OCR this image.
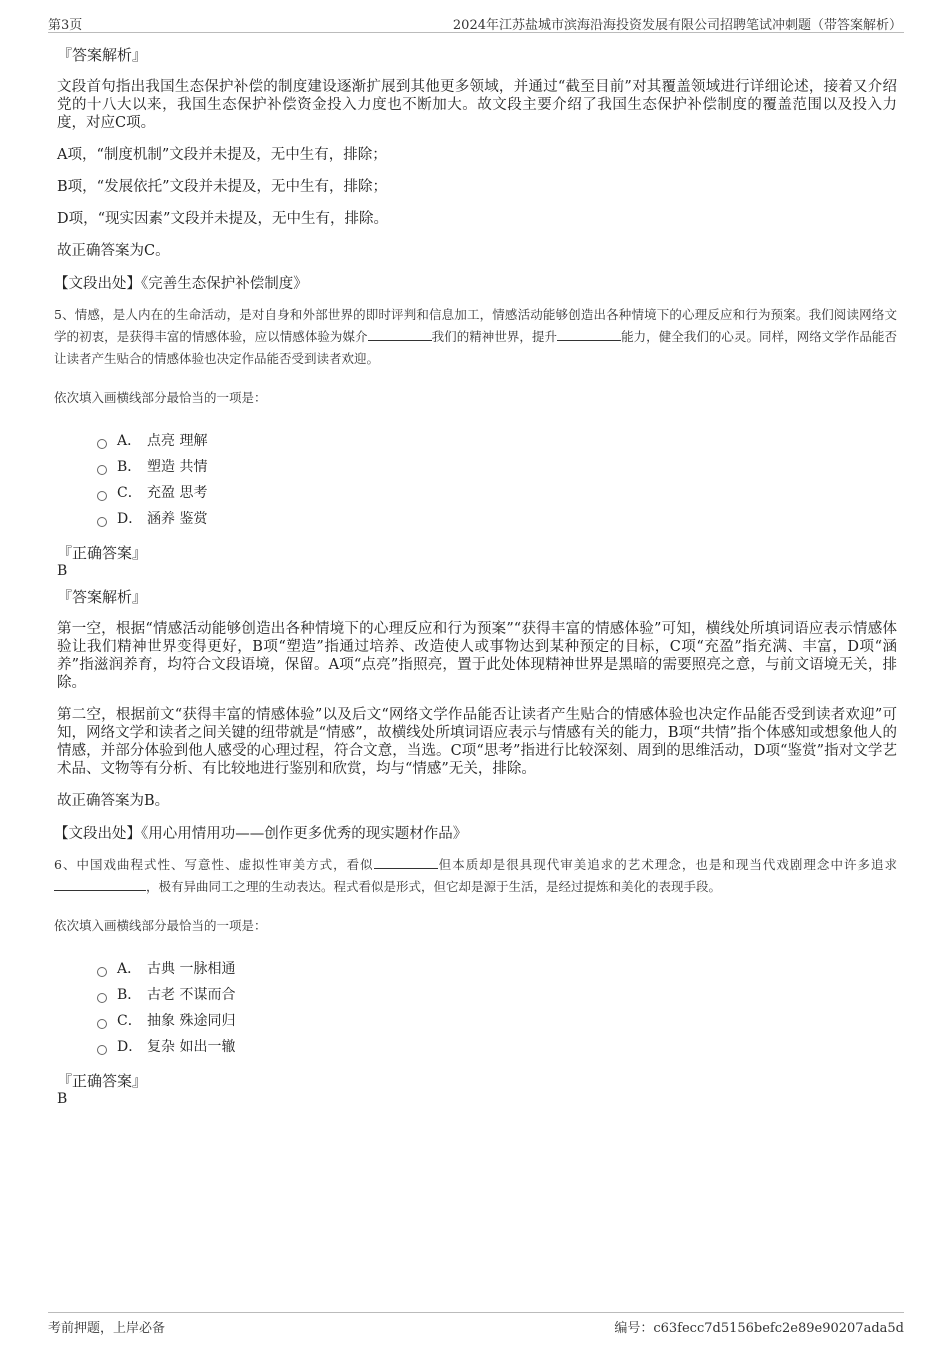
第3页	2024年江苏盐城市滨海沿海投资发展有限公司招聘笔试冲刺题（带答案解析）

『答案解析』

文段首句指出我国生态保护补偿的制度建设逐渐扩展到其他更多领域，并通过“截至目前”对其覆盖领域进行详细论述，接着又介绍党的十八大以来，我国生态保护补偿资金投入力度也不断加大。故文段主要介绍了我国生态保护补偿制度的覆盖范围以及投入力度，对应C项。

A项，“制度机制”文段并未提及，无中生有，排除；

B项，“发展依托”文段并未提及，无中生有，排除；

D项，“现实因素”文段并未提及，无中生有，排除。

故正确答案为C。

【文段出处】《完善生态保护补偿制度》

5、情感，是人内在的生命活动，是对自身和外部世界的即时评判和信息加工，情感活动能够创造出各种情境下的心理反应和行为预案。我们阅读网络文学的初衷，是获得丰富的情感体验，应以情感体验为媒介	我们的精神世界，提升	能力，健全我们的心灵。同样，网络文学作品能否让读者产生贴合的情感体验也决定作品能否受到读者欢迎。

依次填入画横线部分最恰当的一项是：

A． 点亮 理解
B． 塑造 共情
C． 充盈 思考
D． 涵养 鉴赏

『正确答案』

B

『答案解析』

第一空，根据“情感活动能够创造出各种情境下的心理反应和行为预案”“获得丰富的情感体验”可知，横线处所填词语应表示情感体验让我们精神世界变得更好，B项“塑造”指通过培养、改造使人或事物达到某种预定的目标，C项“充盈”指充满、丰富，D项“涵养”指滋润养育，均符合文段语境，保留。A项“点亮”指照亮，置于此处体现精神世界是黑暗的需要照亮之意，与前文语境无关，排除。

第二空，根据前文“获得丰富的情感体验”以及后文“网络文学作品能否让读者产生贴合的情感体验也决定作品能否受到读者欢迎”可知，网络文学和读者之间关键的纽带就是“情感”，故横线处所填词语应表示与情感有关的能力，B项“共情”指个体感知或想象他人的情感，并部分体验到他人感受的心理过程，符合文意，当选。C项“思考”指进行比较深刻、周到的思维活动，D项“鉴赏”指对文学艺术品、文物等有分析、有比较地进行鉴别和欣赏，均与“情感”无关，排除。

故正确答案为B。

【文段出处】《用心用情用功——创作更多优秀的现实题材作品》

6、中国戏曲程式性、写意性、虚拟性审美方式，看似	但本质却是很具现代审美追求的艺术理念，也是和现当代戏剧理念中许多追求，极有异曲同工之理的生动表达。程式看似是形式，但它却是源于生活，是经过提炼和美化的表现手段。

依次填入画横线部分最恰当的一项是：

A． 古典 一脉相通
B． 古老 不谋而合
C． 抽象 殊途同归
D． 复杂 如出一辙

『正确答案』

B

考前押题，上岸必备	编号：c63fecc7d5156befc2e89e90207ada5d
